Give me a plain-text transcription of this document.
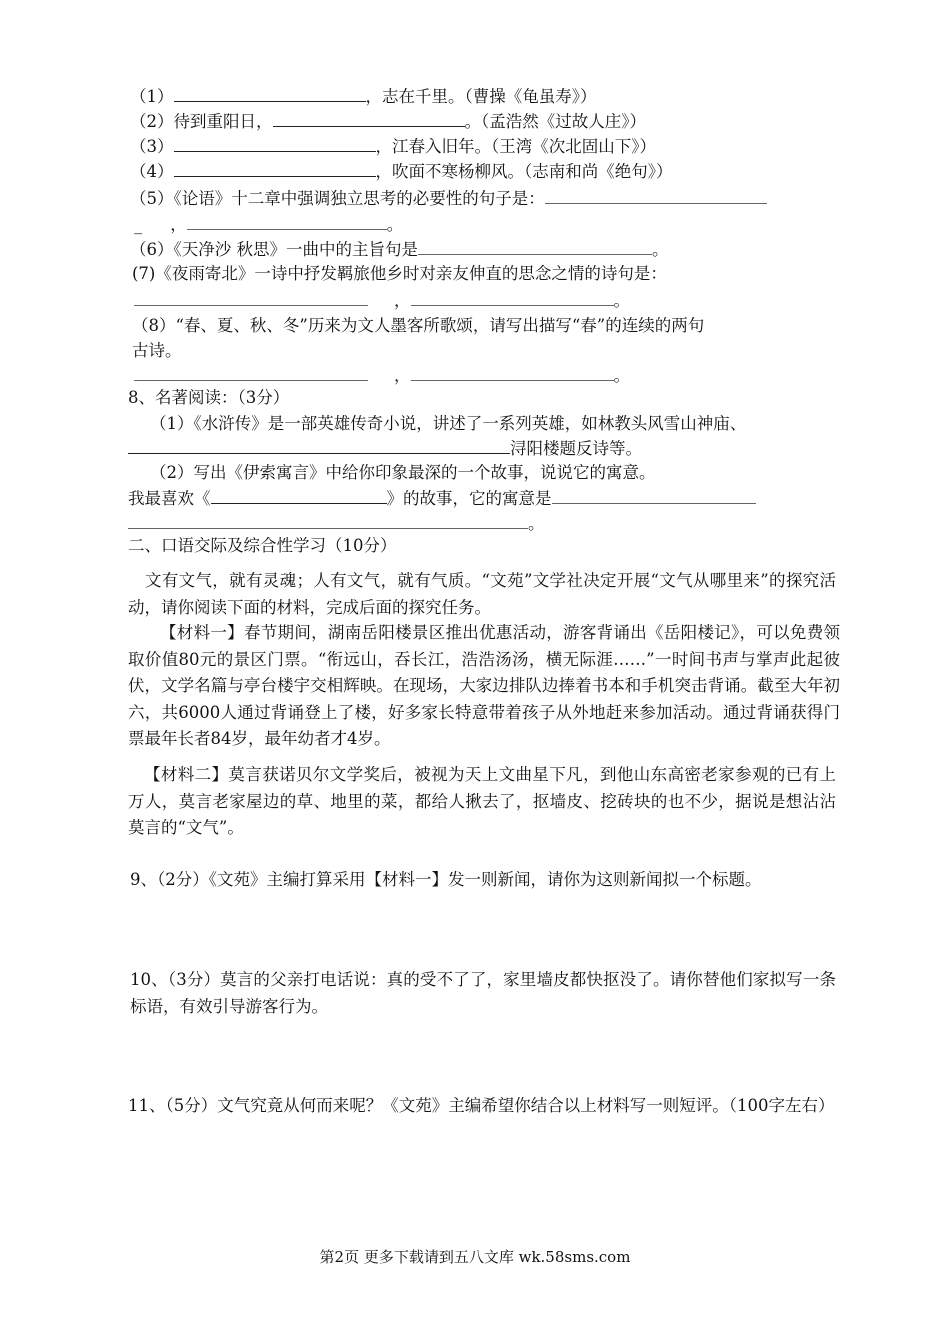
（1）	，志在千里。（曹操《龟虽寿》）
（2）待到重阳日，	。（孟浩然《过故人庄》）
（3）	，江春入旧年。（王湾《次北固山下》）
（4）	，吹面不寒杨柳风。（志南和尚《绝句》）
（5）《论语》十二章中强调独立思考的必要性的句子是：
_ ，	。
（6）《天净沙 秋思》一曲中的主旨句是	。
(7)《夜雨寄北》一诗中抒发羁旅他乡时对亲友伸直的思念之情的诗句是：
，	。
（8）“春、夏、秋、冬”历来为文人墨客所歌颂，请写出描写“春”的连续的两句
古诗。
，	。
8、名著阅读：（3分）
（1）《水浒传》是一部英雄传奇小说，讲述了一系列英雄，如林教头风雪山神庙、
浔阳楼题反诗等。
（2）写出《伊索寓言》中给你印象最深的一个故事，说说它的寓意。
我最喜欢《	》的故事，它的寓意是
。
二、口语交际及综合性学习（10分）
文有文气，就有灵魂；人有文气，就有气质。“文苑”文学社决定开展“文气从哪里来”的探究活动，请你阅读下面的材料，完成后面的探究任务。
【材料一】春节期间，湖南岳阳楼景区推出优惠活动，游客背诵出《岳阳楼记》，可以免费领取价值80元的景区门票。“衔远山，吞长江，浩浩汤汤，横无际涯……”一时间书声与掌声此起彼伏，文学名篇与亭台楼宇交相辉映。在现场，大家边排队边捧着书本和手机突击背诵。截至大年初六，共6000人通过背诵登上了楼，好多家长特意带着孩子从外地赶来参加活动。通过背诵获得门票最年长者84岁，最年幼者才4岁。
【材料二】莫言获诺贝尔文学奖后，被视为天上文曲星下凡，到他山东高密老家参观的已有上万人，莫言老家屋边的草、地里的菜，都给人揪去了，抠墙皮、挖砖块的也不少，据说是想沾沾莫言的“文气”。
9、（2分）《文苑》主编打算采用【材料一】发一则新闻，请你为这则新闻拟一个标题。
10、（3分）莫言的父亲打电话说：真的受不了了，家里墙皮都快抠没了。请你替他们家拟写一条标语，有效引导游客行为。
11、（5分）文气究竟从何而来呢？《文苑》主编希望你结合以上材料写一则短评。（100字左右）
第2页 更多下载请到五八文库 wk.58sms.com
